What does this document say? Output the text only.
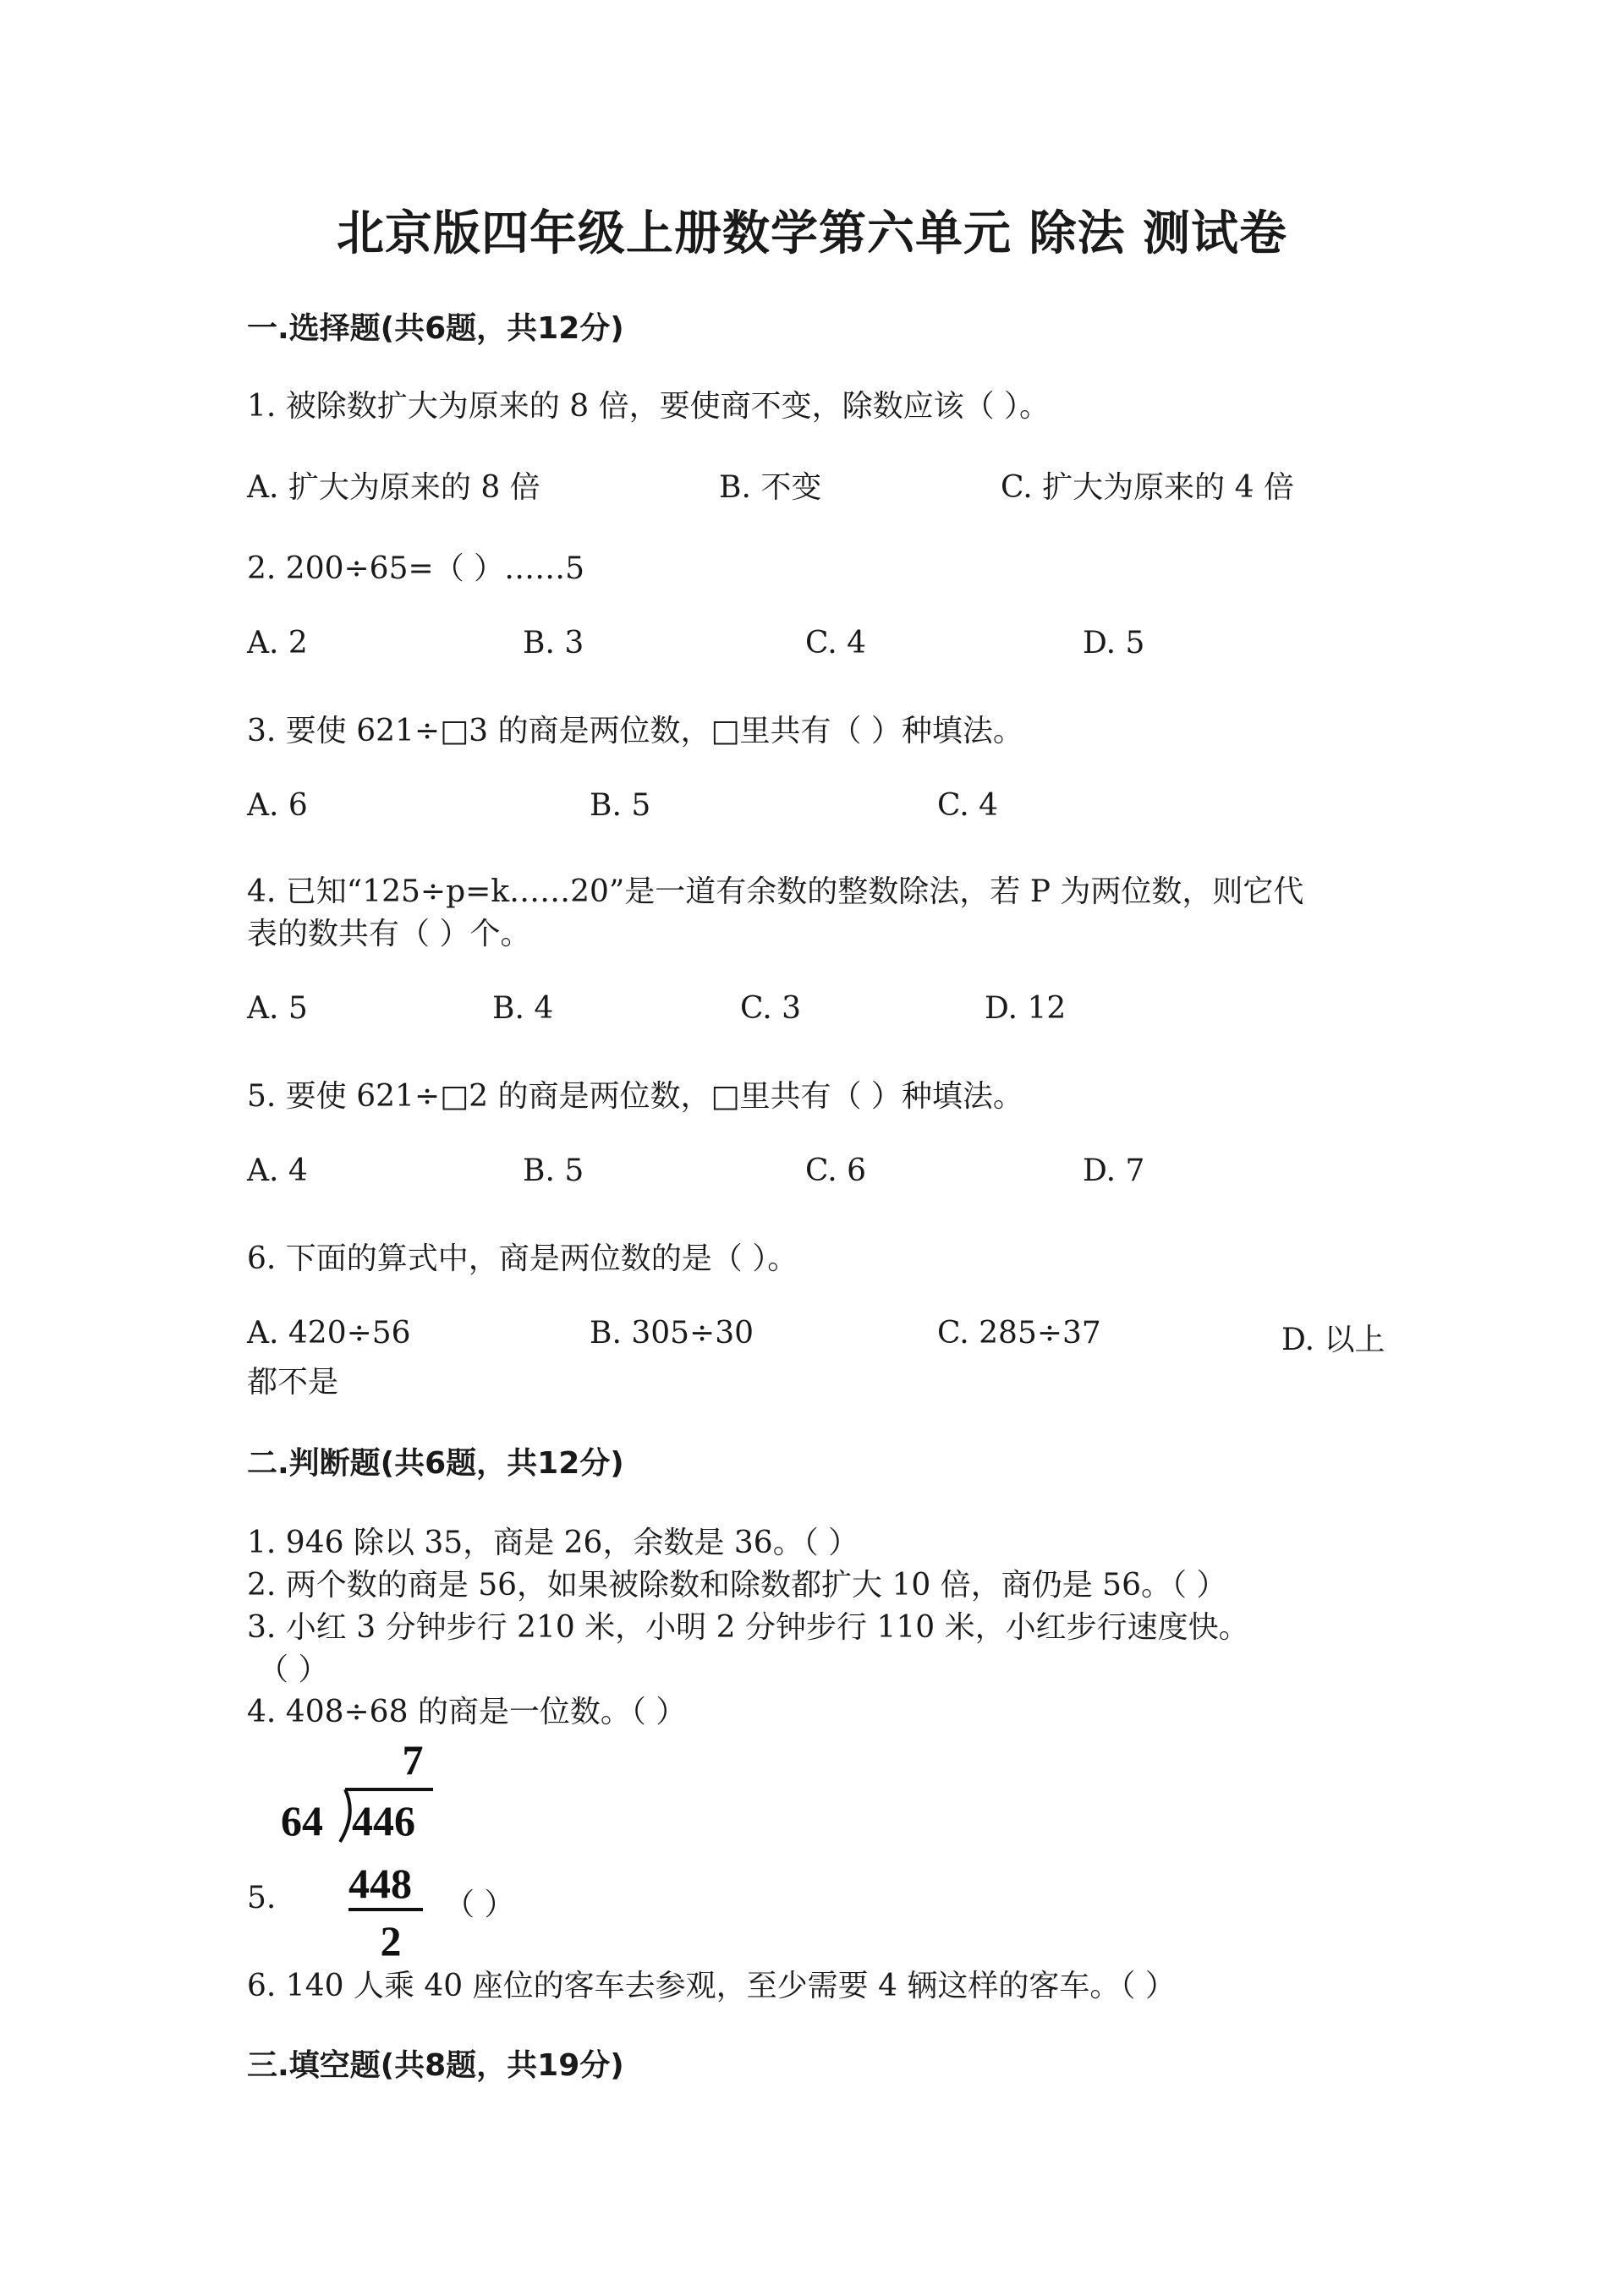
北京版四年级上册数学第六单元 除法 测试卷
一.选择题(共6题，共12分)
1. 被除数扩大为原来的 8 倍，要使商不变，除数应该（ ）。
A. 扩大为原来的 8 倍	B. 不变	C. 扩大为原来的 4 倍
2. 200÷65=（ ）……5
A. 2	B. 3	C. 4	D. 5
3. 要使 621÷□3 的商是两位数，□里共有（ ）种填法。
A. 6	B. 5	C. 4
4. 已知“125÷p=k……20”是一道有余数的整数除法，若 P 为两位数，则它代
表的数共有（ ）个。
A. 5	B. 4	C. 3	D. 12
5. 要使 621÷□2 的商是两位数，□里共有（ ）种填法。
A. 4	B. 5	C. 6	D. 7
6. 下面的算式中，商是两位数的是（ ）。
A. 420÷56	B. 305÷30	C. 285÷37	D. 以上
都不是
二.判断题(共6题，共12分)
1. 946 除以 35，商是 26，余数是 36。（ ）
2. 两个数的商是 56，如果被除数和除数都扩大 10 倍，商仍是 56。（ ）
3. 小红 3 分钟步行 210 米，小明 2 分钟步行 110 米，小红步行速度快。
（ ）
4. 408÷68 的商是一位数。（ ）
5.
7
64 446
448
2
（ ）
6. 140 人乘 40 座位的客车去参观，至少需要 4 辆这样的客车。（ ）
三.填空题(共8题，共19分)
